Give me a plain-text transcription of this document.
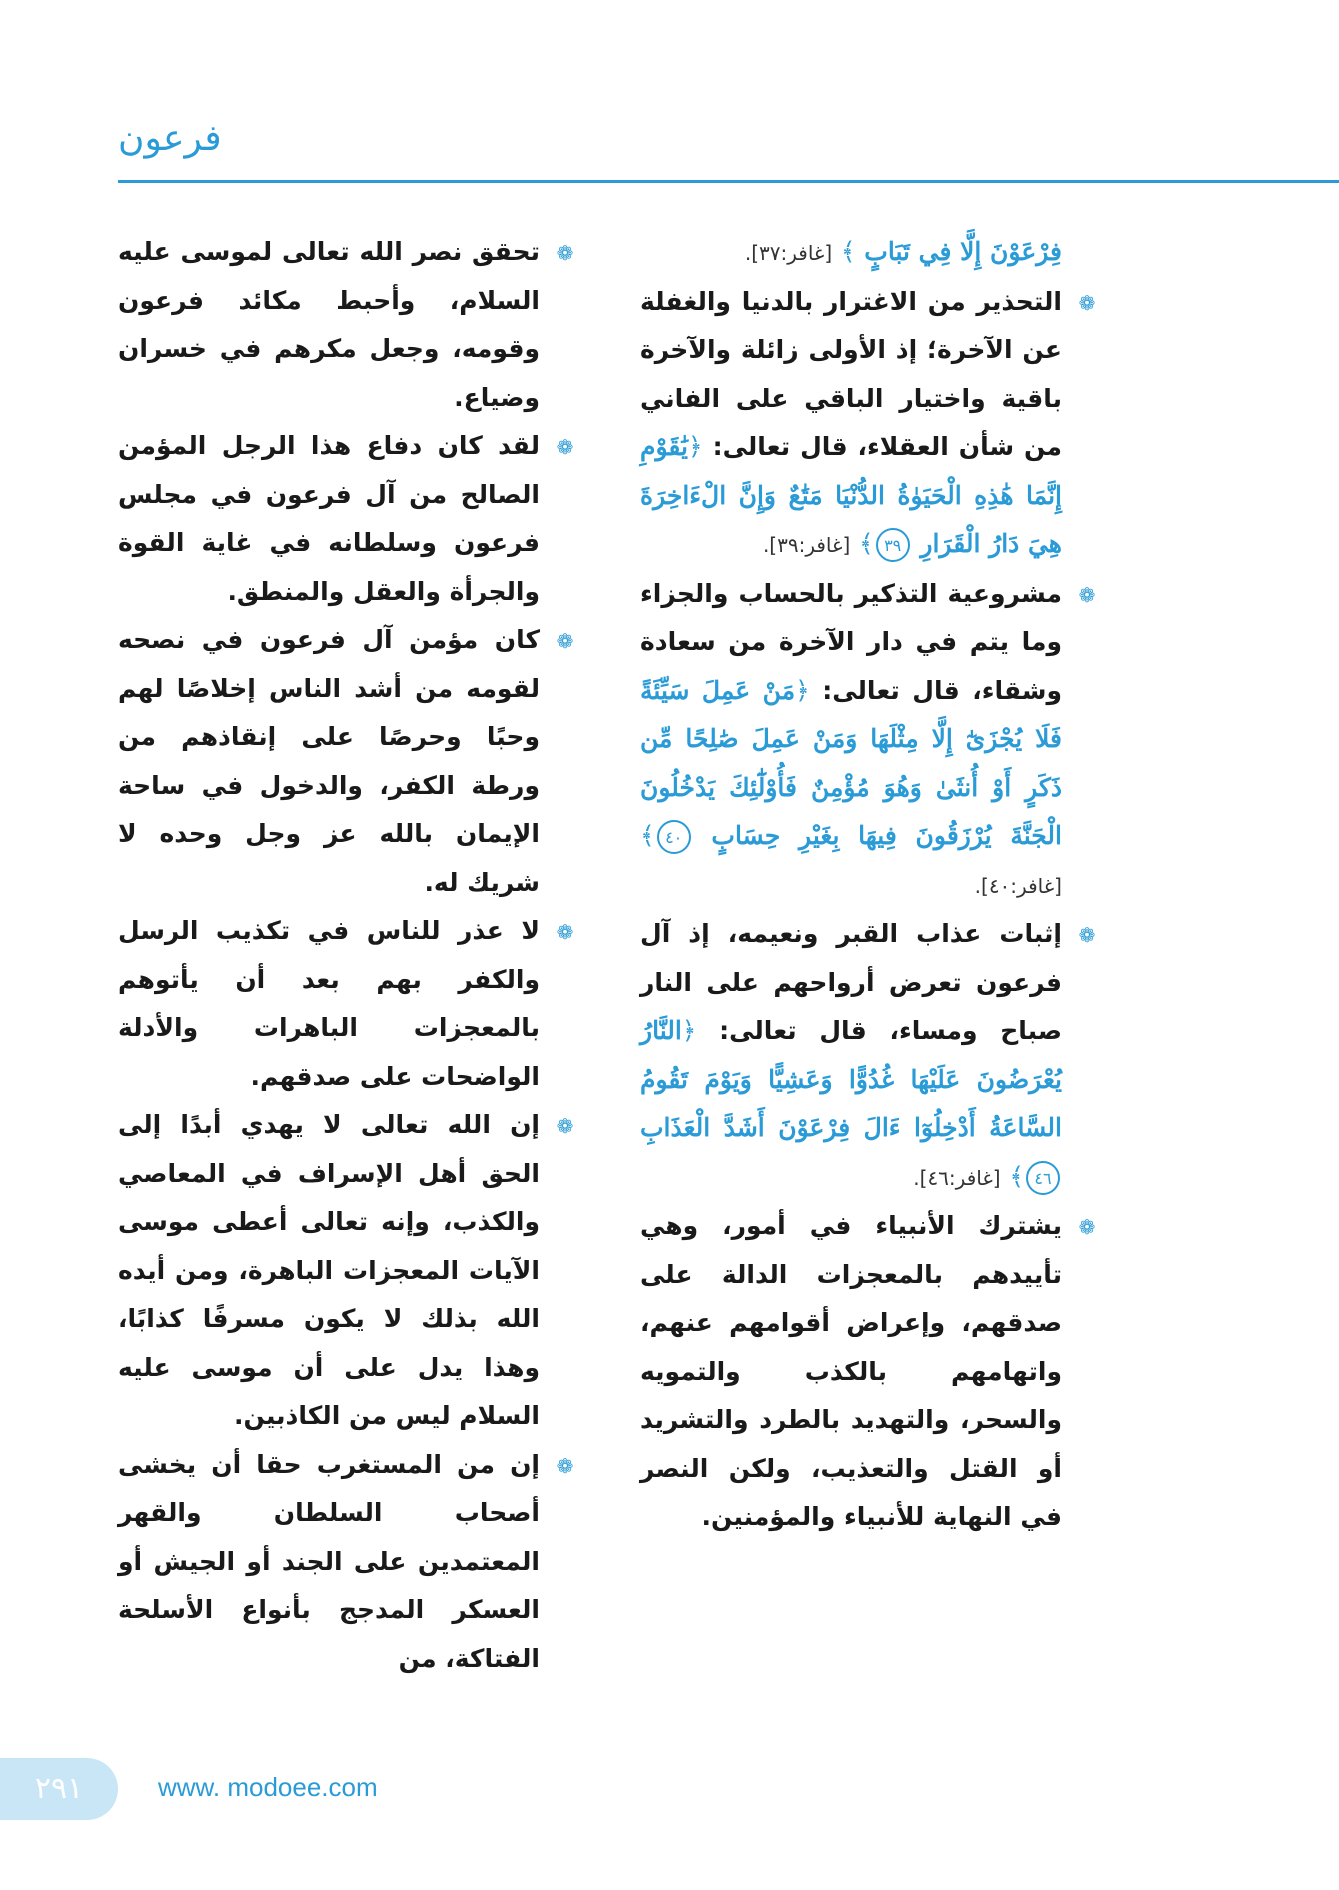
فرعون
فِرْعَوْنَ إِلَّا فِي تَبَابٍ ﴾ [غافر:٣٧].
❁
التحذير من الاغترار بالدنيا والغفلة عن الآخرة؛ إذ الأولى زائلة والآخرة باقية واختيار الباقي على الفاني من شأن العقلاء، قال تعالى: ﴿يَٰقَوْمِ إِنَّمَا هَٰذِهِ الْحَيَوٰةُ الدُّنْيَا مَتَٰعٌ وَإِنَّ الْءَاخِرَةَ هِيَ دَارُ الْقَرَارِ ٣٩﴾ [غافر:٣٩].
❁
مشروعية التذكير بالحساب والجزاء وما يتم في دار الآخرة من سعادة وشقاء، قال تعالى: ﴿مَنْ عَمِلَ سَيِّئَةً فَلَا يُجْزَىٰٓ إِلَّا مِثْلَهَا وَمَنْ عَمِلَ صَٰلِحًا مِّن ذَكَرٍ أَوْ أُنثَىٰ وَهُوَ مُؤْمِنٌ فَأُوْلَٰٓئِكَ يَدْخُلُونَ الْجَنَّةَ يُرْزَقُونَ فِيهَا بِغَيْرِ حِسَابٍ ٤٠﴾ [غافر:٤٠].
❁
إثبات عذاب القبر ونعيمه، إذ آل فرعون تعرض أرواحهم على النار صباح ومساء، قال تعالى: ﴿النَّارُ يُعْرَضُونَ عَلَيْهَا غُدُوًّا وَعَشِيًّا وَيَوْمَ تَقُومُ السَّاعَةُ أَدْخِلُوٓا ءَالَ فِرْعَوْنَ أَشَدَّ الْعَذَابِ ٤٦﴾ [غافر:٤٦].
❁
يشترك الأنبياء في أمور، وهي تأييدهم بالمعجزات الدالة على صدقهم، وإعراض أقوامهم عنهم، واتهامهم بالكذب والتمويه والسحر، والتهديد بالطرد والتشريد أو القتل والتعذيب، ولكن النصر في النهاية للأنبياء والمؤمنين.
❁
تحقق نصر الله تعالى لموسى عليه السلام، وأحبط مكائد فرعون وقومه، وجعل مكرهم في خسران وضياع.
❁
لقد كان دفاع هذا الرجل المؤمن الصالح من آل فرعون في مجلس فرعون وسلطانه في غاية القوة والجرأة والعقل والمنطق.
❁
كان مؤمن آل فرعون في نصحه لقومه من أشد الناس إخلاصًا لهم وحبًا وحرصًا على إنقاذهم من ورطة الكفر، والدخول في ساحة الإيمان بالله عز وجل وحده لا شريك له.
❁
لا عذر للناس في تكذيب الرسل والكفر بهم بعد أن يأتوهم بالمعجزات الباهرات والأدلة الواضحات على صدقهم.
❁
إن الله تعالى لا يهدي أبدًا إلى الحق أهل الإسراف في المعاصي والكذب، وإنه تعالى أعطى موسى الآيات المعجزات الباهرة، ومن أيده الله بذلك لا يكون مسرفًا كذابًا، وهذا يدل على أن موسى عليه السلام ليس من الكاذبين.
❁
إن من المستغرب حقا أن يخشى أصحاب السلطان والقهر المعتمدين على الجند أو الجيش أو العسكر المدجج بأنواع الأسلحة الفتاكة، من
٢٩١	www. modoee.com
